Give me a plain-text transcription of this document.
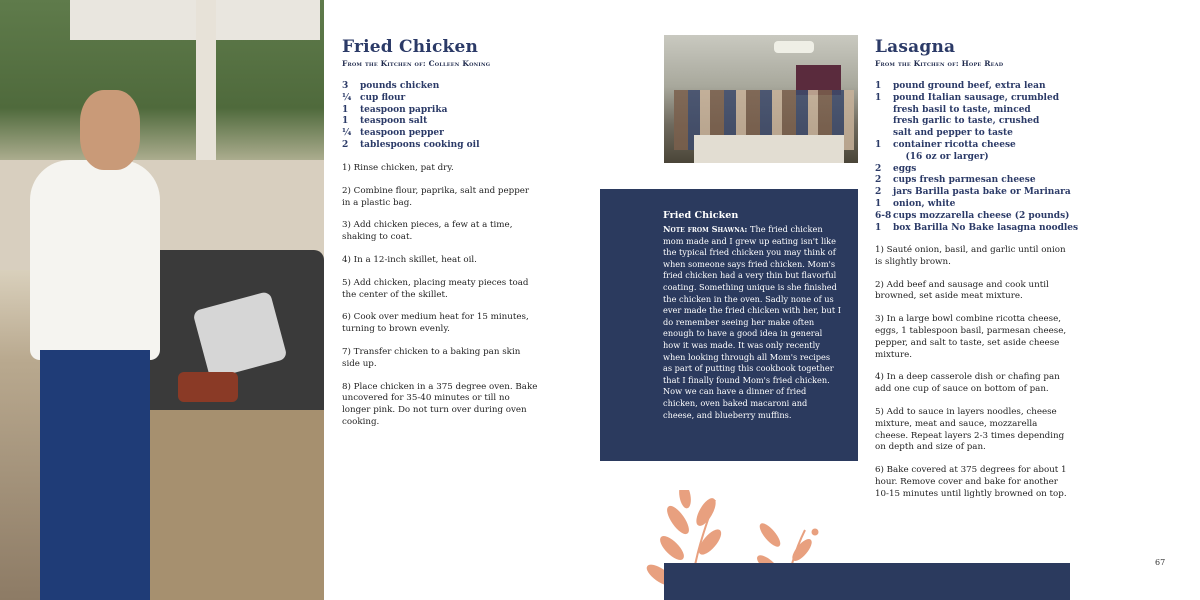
Fried Chicken
From the Kitchen of: Colleen Koning
3	pounds chicken
¼ cup flour
1	teaspoon paprika
1	teaspoon salt
¼ teaspoon pepper
2	tablespoons cooking oil

1) Rinse chicken, pat dry.

2) Combine flour, paprika, salt and pepper in a plastic bag.

3) Add chicken pieces, a few at a time, shaking to coat.

4) In a 12-inch skillet, heat oil.

5) Add chicken, placing meaty pieces toad the center of the skillet.

6) Cook over medium heat for 15 minutes, turning to brown evenly.

7) Transfer chicken to a baking pan skin side up.

8) Place chicken in a 375 degree oven. Bake uncovered for 35-40 minutes or till no longer pink. Do not turn over during oven cooking.

Fried Chicken
Note from Shawna: The fried chicken mom made and I grew up eating isn't like the typical fried chicken you may think of when someone says fried chicken. Mom's fried chicken had a very thin but flavorful coating. Something unique is she finished the chicken in the oven. Sadly none of us ever made the fried chicken with her, but I do remember seeing her make often enough to have a good idea in general how it was made. It was only recently when looking through all Mom's recipes as part of putting this cookbook together that I finally found Mom's fried chicken. Now we can have a dinner of fried chicken, oven baked macaroni and cheese, and blueberry muffins.
Lasagna
From the Kitchen of: Hope Read
1	pound ground beef, extra lean
1	pound Italian sausage, crumbled
fresh basil to taste, minced
fresh garlic to taste, crushed
salt and pepper to taste
1	container ricotta cheese
(16 oz or larger)
2	eggs
2	cups fresh parmesan cheese
2	jars Barilla pasta bake or Marinara
1	onion, white
6-8 cups mozzarella cheese (2 pounds)
1	box Barilla No Bake lasagna noodles

1) Sauté onion, basil, and garlic until onion is slightly brown.

2) Add beef and sausage and cook until browned, set aside meat mixture.

3) In a large bowl combine ricotta cheese, eggs, 1 tablespoon basil, parmesan cheese, pepper, and salt to taste, set aside cheese mixture.

4) In a deep casserole dish or chafing pan add one cup of sauce on bottom of pan.

5) Add to sauce in layers noodles, cheese mixture, meat and sauce, mozzarella cheese. Repeat layers 2-3 times depending on depth and size of pan.

6) Bake covered at 375 degrees for about 1 hour. Remove cover and bake for another 10-15 minutes until lightly browned on top.

67
